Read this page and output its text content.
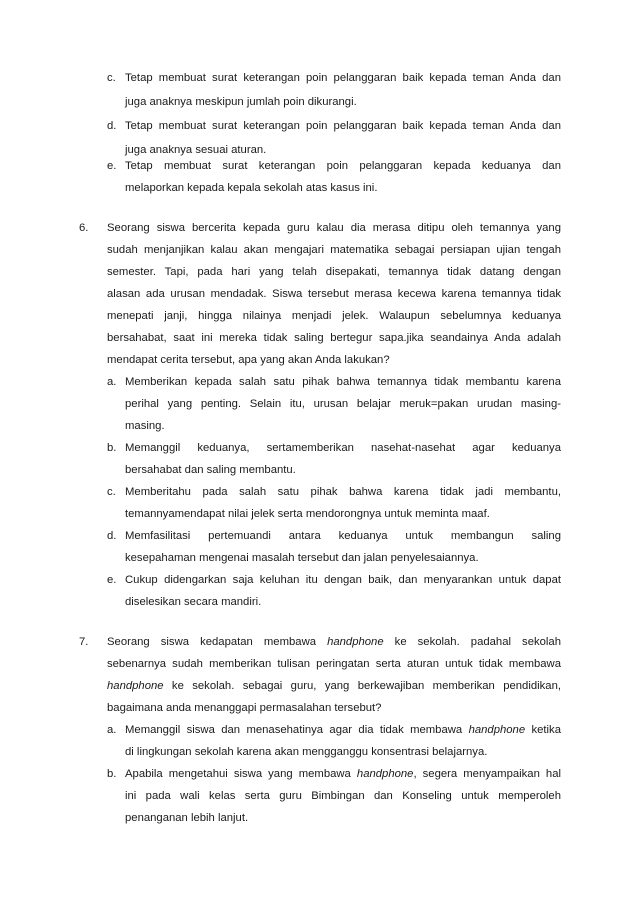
c. Tetap membuat surat keterangan poin pelanggaran baik kepada teman Anda dan
juga anaknya meskipun jumlah poin dikurangi.
d. Tetap membuat surat keterangan poin pelanggaran baik kepada teman Anda dan
juga anaknya sesuai aturan.
e. Tetap membuat surat keterangan poin pelanggaran kepada keduanya dan
melaporkan kepada kepala sekolah atas kasus ini.
6. Seorang siswa bercerita kepada guru kalau dia merasa ditipu oleh temannya yang
sudah menjanjikan kalau akan mengajari matematika sebagai persiapan ujian tengah
semester. Tapi, pada hari yang telah disepakati, temannya tidak datang dengan
alasan ada urusan mendadak. Siswa tersebut merasa kecewa karena temannya tidak
menepati janji, hingga nilainya menjadi jelek. Walaupun sebelumnya keduanya
bersahabat, saat ini mereka tidak saling bertegur sapa.jika seandainya Anda adalah
mendapat cerita tersebut, apa yang akan Anda lakukan?
a. Memberikan kepada salah satu pihak bahwa temannya tidak membantu karena
perihal yang penting. Selain itu, urusan belajar meruk=pakan urudan masing-
masing.
b. Memanggil keduanya, sertamemberikan nasehat-nasehat agar keduanya
bersahabat dan saling membantu.
c. Memberitahu pada salah satu pihak bahwa karena tidak jadi membantu,
temannyamendapat nilai jelek serta mendorongnya untuk meminta maaf.
d. Memfasilitasi pertemuandi antara keduanya untuk membangun saling
kesepahaman mengenai masalah tersebut dan jalan penyelesaiannya.
e. Cukup didengarkan saja keluhan itu dengan baik, dan menyarankan untuk dapat
diselesikan secara mandiri.
7. Seorang siswa kedapatan membawa handphone ke sekolah. padahal sekolah
sebenarnya sudah memberikan tulisan peringatan serta aturan untuk tidak membawa
handphone ke sekolah. sebagai guru, yang berkewajiban memberikan pendidikan,
bagaimana anda menanggapi permasalahan tersebut?
a. Memanggil siswa dan menasehatinya agar dia tidak membawa handphone ketika
di lingkungan sekolah karena akan mengganggu konsentrasi belajarnya.
b. Apabila mengetahui siswa yang membawa handphone, segera menyampaikan hal
ini pada wali kelas serta guru Bimbingan dan Konseling untuk memperoleh
penanganan lebih lanjut.
